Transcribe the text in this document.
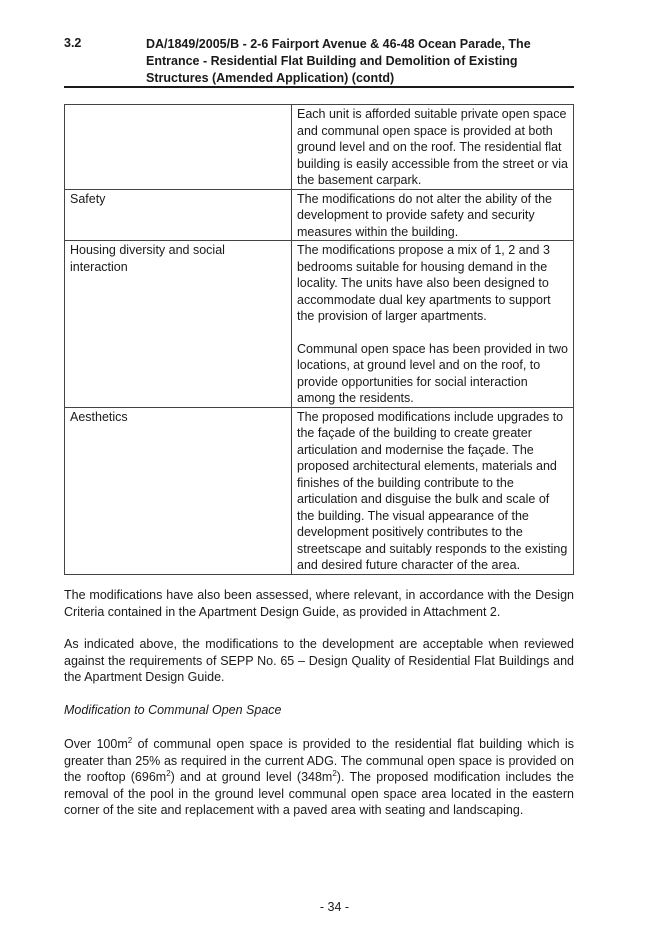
3.2	DA/1849/2005/B - 2-6 Fairport Avenue & 46-48 Ocean Parade, The Entrance - Residential Flat Building and Demolition of Existing Structures (Amended Application) (contd)

	Each unit is afforded suitable private open space and communal open space is provided at both ground level and on the roof. The residential flat building is easily accessible from the street or via the basement carpark.

Safety	The modifications do not alter the ability of the development to provide safety and security measures within the building.

Housing diversity and social interaction	The modifications propose a mix of 1, 2 and 3 bedrooms suitable for housing demand in the locality. The units have also been designed to accommodate dual key apartments to support the provision of larger apartments.

Communal open space has been provided in two locations, at ground level and on the roof, to provide opportunities for social interaction among the residents.

Aesthetics	The proposed modifications include upgrades to the façade of the building to create greater articulation and modernise the façade. The proposed architectural elements, materials and finishes of the building contribute to the articulation and disguise the bulk and scale of the building. The visual appearance of the development positively contributes to the streetscape and suitably responds to the existing and desired future character of the area.

The modifications have also been assessed, where relevant, in accordance with the Design Criteria contained in the Apartment Design Guide, as provided in Attachment 2.

As indicated above, the modifications to the development are acceptable when reviewed against the requirements of SEPP No. 65 – Design Quality of Residential Flat Buildings and the Apartment Design Guide.

Modification to Communal Open Space

Over $100m^2$ of communal open space is provided to the residential flat building which is greater than 25% as required in the current ADG. The communal open space is provided on the rooftop $(696m^2)$ and at ground level $(348m^2)$. The proposed modification includes the removal of the pool in the ground level communal open space area located in the eastern corner of the site and replacement with a paved area with seating and landscaping.

- 34 -
